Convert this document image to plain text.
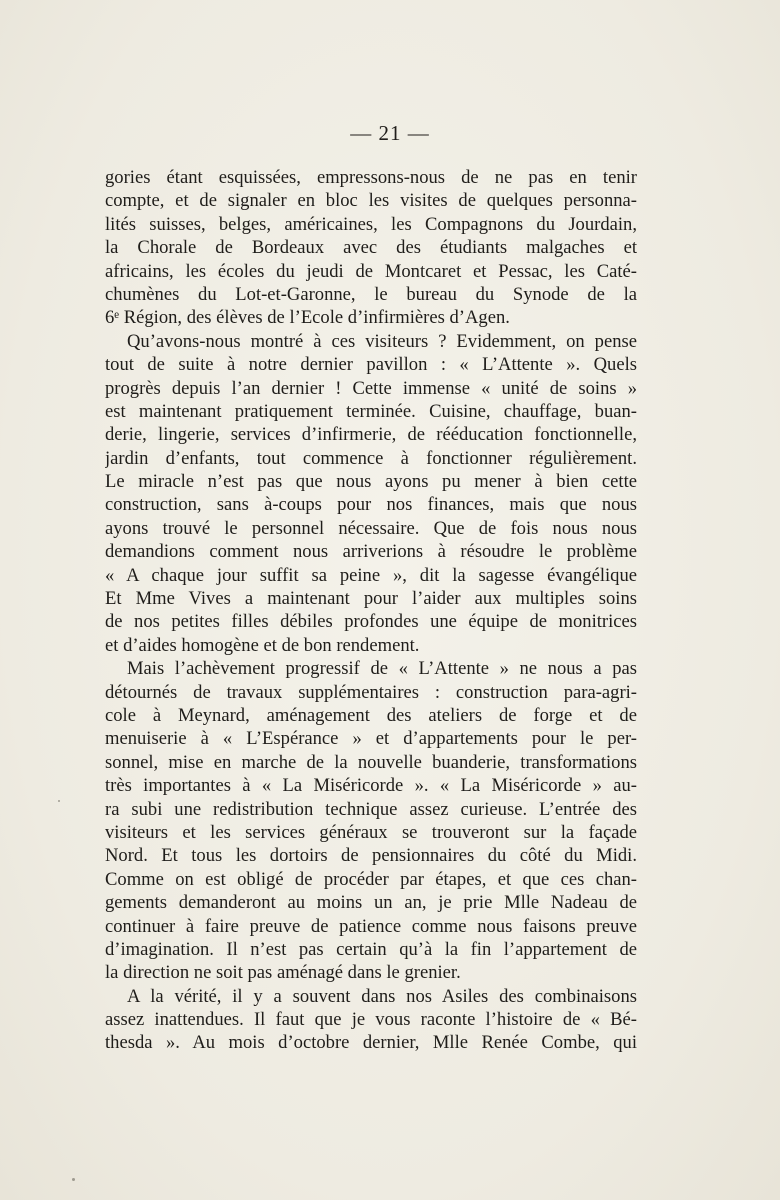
— 21 —

gories étant esquissées, empressons-nous de ne pas en tenir
compte, et de signaler en bloc les visites de quelques personna-
lités suisses, belges, américaines, les Compagnons du Jourdain,
la Chorale de Bordeaux avec des étudiants malgaches et
africains, les écoles du jeudi de Montcaret et Pessac, les Caté-
chumènes du Lot-et-Garonne, le bureau du Synode de la
6ᵉ Région, des élèves de l’Ecole d’infirmières d’Agen.
Qu’avons-nous montré à ces visiteurs ? Evidemment, on pense
tout de suite à notre dernier pavillon : « L’Attente ». Quels
progrès depuis l’an dernier ! Cette immense « unité de soins »
est maintenant pratiquement terminée. Cuisine, chauffage, buan-
derie, lingerie, services d’infirmerie, de rééducation fonctionnelle,
jardin d’enfants, tout commence à fonctionner régulièrement.
Le miracle n’est pas que nous ayons pu mener à bien cette
construction, sans à-coups pour nos finances, mais que nous
ayons trouvé le personnel nécessaire. Que de fois nous nous
demandions comment nous arriverions à résoudre le problème
« A chaque jour suffit sa peine », dit la sagesse évangélique
Et Mme Vives a maintenant pour l’aider aux multiples soins
de nos petites filles débiles profondes une équipe de monitrices
et d’aides homogène et de bon rendement.
Mais l’achèvement progressif de « L’Attente » ne nous a pas
détournés de travaux supplémentaires : construction para-agri-
cole à Meynard, aménagement des ateliers de forge et de
menuiserie à « L’Espérance » et d’appartements pour le per-
sonnel, mise en marche de la nouvelle buanderie, transformations
très importantes à « La Miséricorde ». « La Miséricorde » au-
ra subi une redistribution technique assez curieuse. L’entrée des
visiteurs et les services généraux se trouveront sur la façade
Nord. Et tous les dortoirs de pensionnaires du côté du Midi.
Comme on est obligé de procéder par étapes, et que ces chan-
gements demanderont au moins un an, je prie Mlle Nadeau de
continuer à faire preuve de patience comme nous faisons preuve
d’imagination. Il n’est pas certain qu’à la fin l’appartement de
la direction ne soit pas aménagé dans le grenier.
A la vérité, il y a souvent dans nos Asiles des combinaisons
assez inattendues. Il faut que je vous raconte l’histoire de « Bé-
thesda ». Au mois d’octobre dernier, Mlle Renée Combe, qui
